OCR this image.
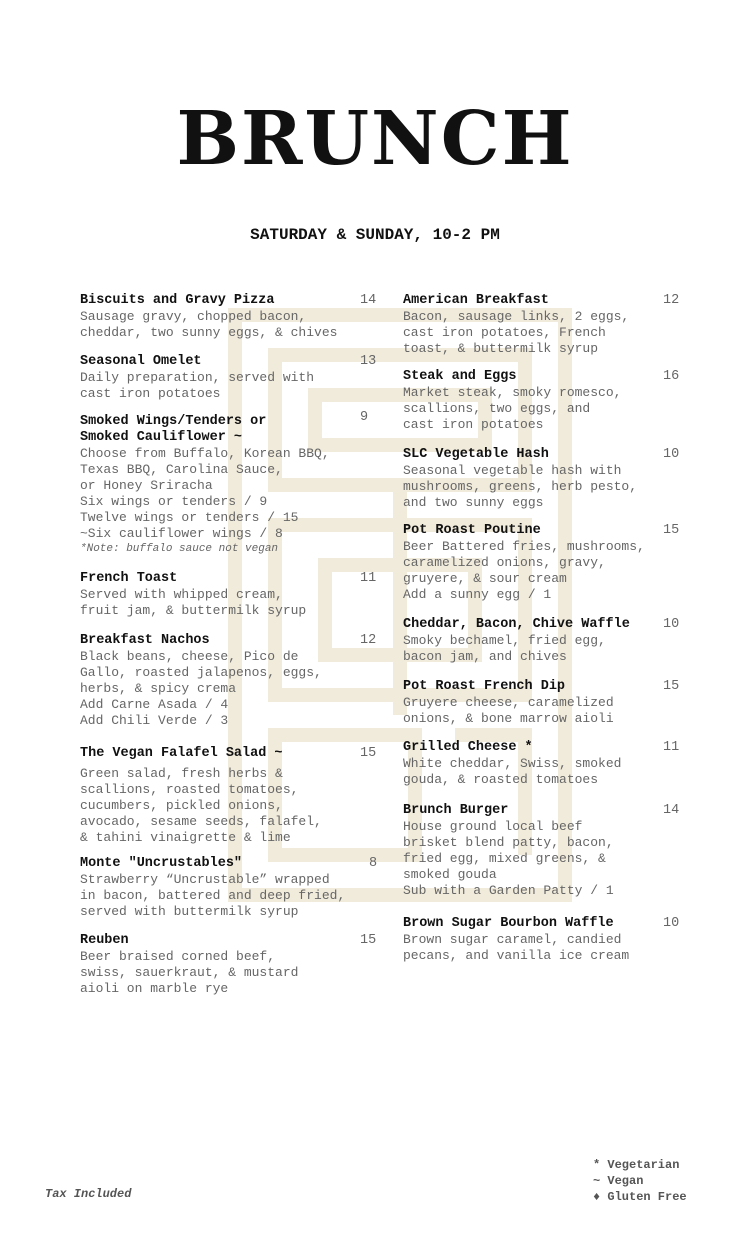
BRUNCH
SATURDAY & SUNDAY, 10-2 PM
Biscuits and Gravy Pizza	14
Sausage gravy, chopped bacon,
cheddar, two sunny eggs, & chives
Seasonal Omelet	13
Daily preparation, served with
cast iron potatoes
Smoked Wings/Tenders or
Smoked Cauliflower ~
9
Choose from Buffalo, Korean BBQ,
Texas BBQ, Carolina Sauce,
or Honey Sriracha
Six wings or tenders / 9
Twelve wings or tenders / 15
~Six cauliflower wings / 8
*Note: buffalo sauce not vegan
French Toast	11
Served with whipped cream,
fruit jam, & buttermilk syrup
Breakfast Nachos	12
Black beans, cheese, Pico de
Gallo, roasted jalapenos, eggs,
herbs, & spicy crema
Add Carne Asada / 4
Add Chili Verde / 3
The Vegan Falafel Salad ~	15
Green salad, fresh herbs &
scallions, roasted tomatoes,
cucumbers, pickled onions,
avocado, sesame seeds, falafel,
& tahini vinaigrette & lime
Monte "Uncrustables"	8
Strawberry “Uncrustable” wrapped
in bacon, battered and deep fried,
served with buttermilk syrup
Reuben	15
Beer braised corned beef,
swiss, sauerkraut, & mustard
aioli on marble rye
American Breakfast	12
Bacon, sausage links, 2 eggs,
cast iron potatoes, French
toast, & buttermilk syrup
Steak and Eggs	16
Market steak, smoky romesco,
scallions, two eggs, and
cast iron potatoes
SLC Vegetable Hash	10
Seasonal vegetable hash with
mushrooms, greens, herb pesto,
and two sunny eggs
Pot Roast Poutine	15
Beer Battered fries, mushrooms,
caramelized onions, gravy,
gruyere, & sour cream
Add a sunny egg / 1
Cheddar, Bacon, Chive Waffle	10
Smoky bechamel, fried egg,
bacon jam, and chives
Pot Roast French Dip	15
Gruyere cheese, caramelized
onions, & bone marrow aioli
Grilled Cheese *	11
White cheddar, Swiss, smoked
gouda, & roasted tomatoes
Brunch Burger	14
House ground local beef
brisket blend patty, bacon,
fried egg, mixed greens, &
smoked gouda
Sub with a Garden Patty / 1
Brown Sugar Bourbon Waffle	10
Brown sugar caramel, candied
pecans, and vanilla ice cream
Tax Included
* Vegetarian
~ Vegan
♦ Gluten Free
